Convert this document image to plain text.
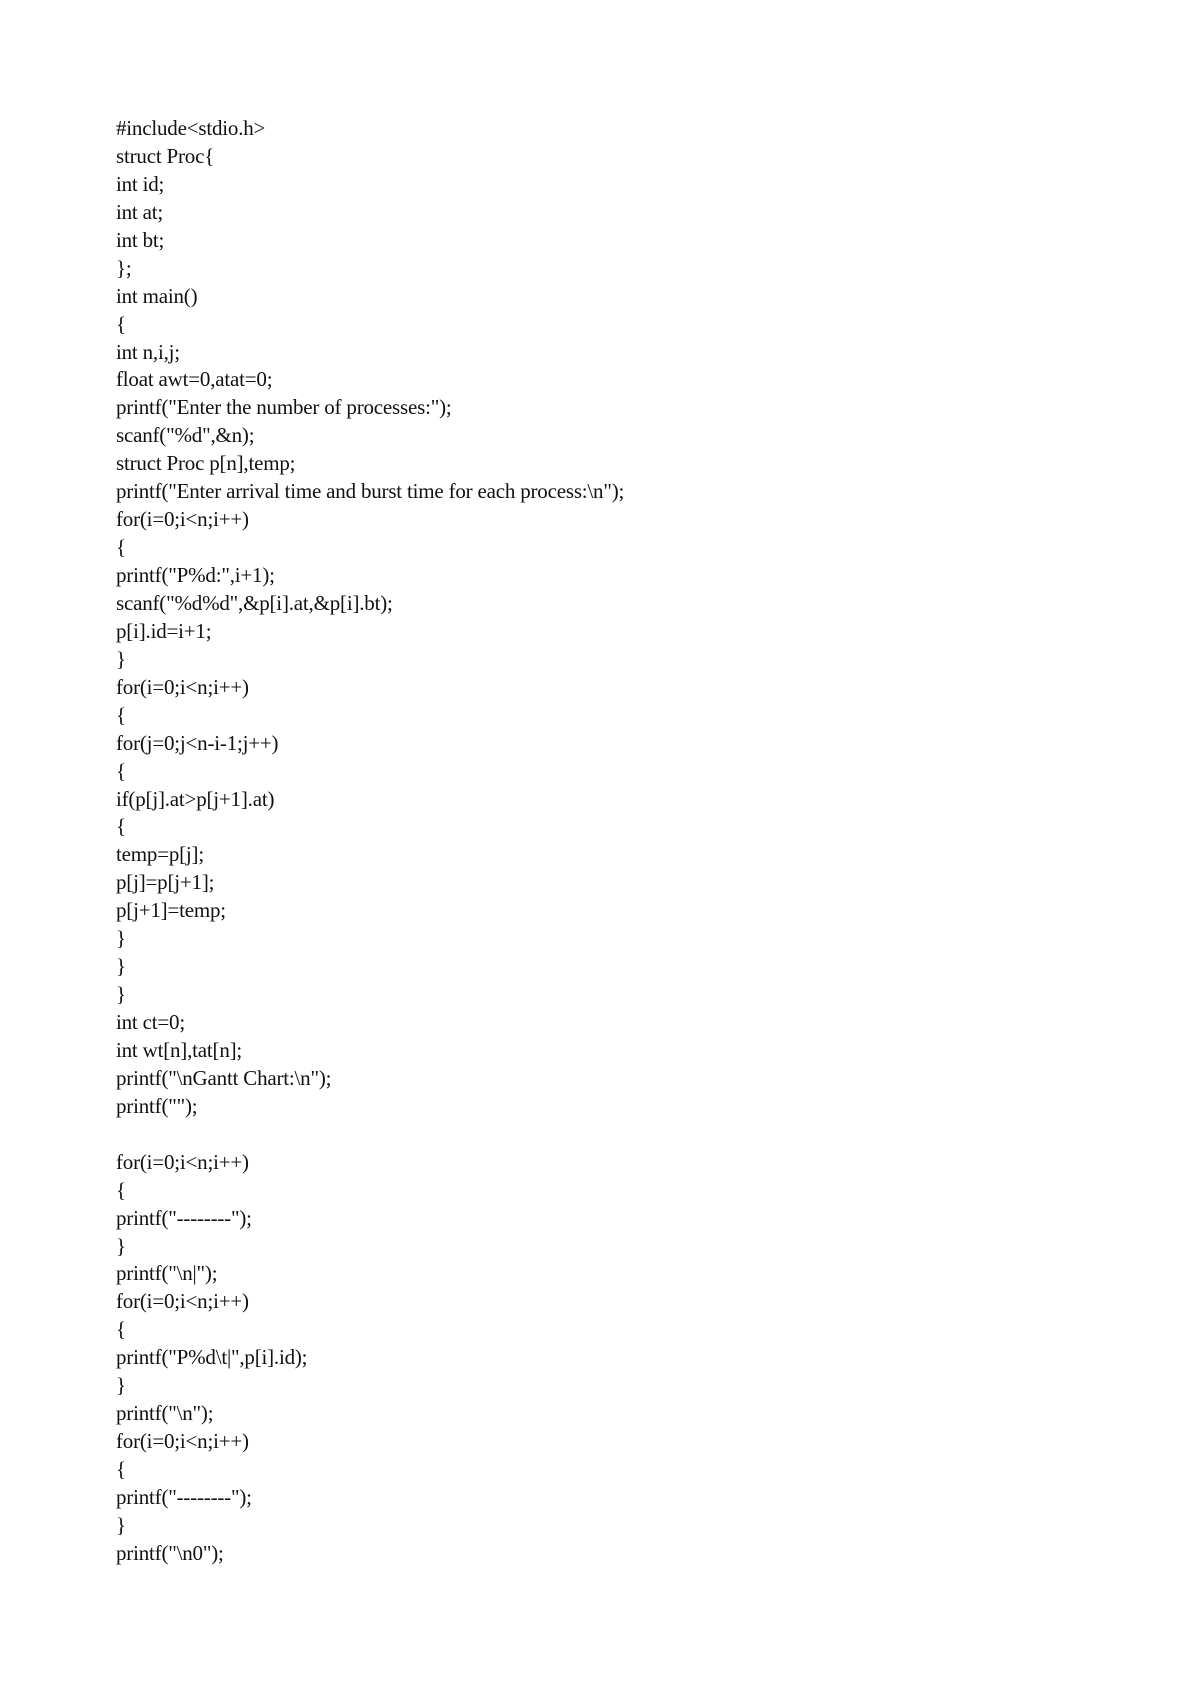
#include<stdio.h>
struct Proc{
int id;
int at;
int bt;
};
int main()
{
int n,i,j;
float awt=0,atat=0;
printf("Enter the number of processes:");
scanf("%d",&n);
struct Proc p[n],temp;
printf("Enter arrival time and burst time for each process:\n");
for(i=0;i<n;i++)
{
printf("P%d:",i+1);
scanf("%d%d",&p[i].at,&p[i].bt);
p[i].id=i+1;
}
for(i=0;i<n;i++)
{
for(j=0;j<n-i-1;j++)
{
if(p[j].at>p[j+1].at)
{
temp=p[j];
p[j]=p[j+1];
p[j+1]=temp;
}
}
}
int ct=0;
int wt[n],tat[n];
printf("\nGantt Chart:\n");
printf("");
for(i=0;i<n;i++)
{
printf("--------");
}
printf("\n|");
for(i=0;i<n;i++)
{
printf("P%d\t|",p[i].id);
}
printf("\n");
for(i=0;i<n;i++)
{
printf("--------");
}
printf("\n0");
